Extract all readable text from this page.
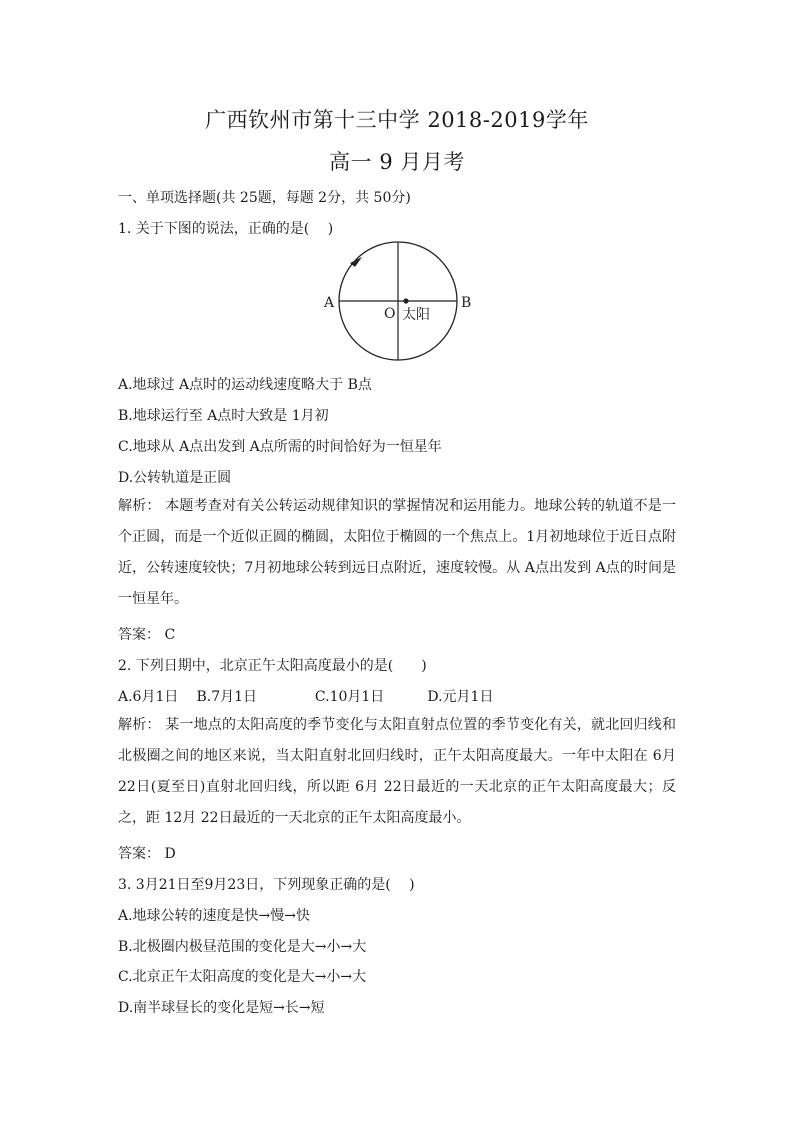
广西钦州市第十三中学 2018-2019学年
高一 9 月月考
一、单项选择题(共 25题，每题 2分，共 50分)
1. 关于下图的说法，正确的是(　 )
A	B
O 太阳
A.地球过 A点时的运动线速度略大于 B点
B.地球运行至 A点时大致是 1月初
C.地球从 A点出发到 A点所需的时间恰好为一恒星年
D.公转轨道是正圆
解析： 本题考查对有关公转运动规律知识的掌握情况和运用能力。地球公转的轨道不是一个正圆，而是一个近似正圆的椭圆，太阳位于椭圆的一个焦点上。1月初地球位于近日点附近，公转速度较快；7月初地球公转到远日点附近，速度较慢。从 A点出发到 A点的时间是一恒星年。
答案： C
2. 下列日期中，北京正午太阳高度最小的是(　　)
A.6月1日 B.7月1日	C.10月1日	D.元月1日
解析： 某一地点的太阳高度的季节变化与太阳直射点位置的季节变化有关，就北回归线和北极圈之间的地区来说，当太阳直射北回归线时，正午太阳高度最大。一年中太阳在 6月 22日(夏至日)直射北回归线，所以距 6月 22日最近的一天北京的正午太阳高度最大；反之，距 12月 22日最近的一天北京的正午太阳高度最小。
答案： D
3. 3月21日至9月23日，下列现象正确的是(　 )
A.地球公转的速度是快→慢→快
B.北极圈内极昼范围的变化是大→小→大
C.北京正午太阳高度的变化是大→小→大
D.南半球昼长的变化是短→长→短
